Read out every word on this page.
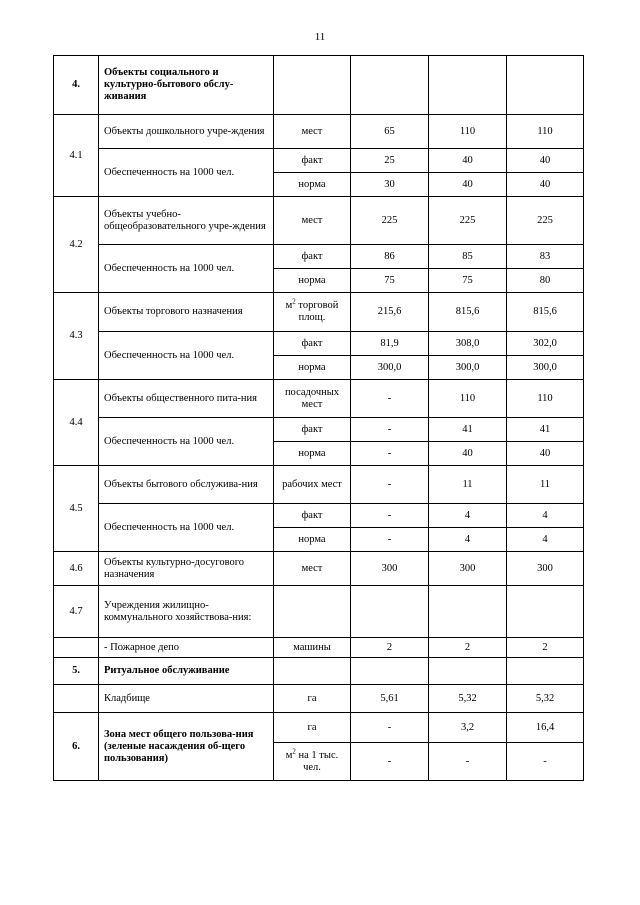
11
4.	Объекты социального и культурно-бытового обслу-живания				
4.1	Объекты дошкольного учре-ждения	мест	65	110	110
	Обеспеченность на 1000 чел.	факт	25	40	40
		норма	30	40	40
4.2	Объекты учебно-общеобразовательного учре-ждения	мест	225	225	225
	Обеспеченность на 1000 чел.	факт	86	85	83
		норма	75	75	80
4.3	Объекты торгового назначения	$м^2$ торговой площ.	215,6	815,6	815,6
	Обеспеченность на 1000 чел.	факт	81,9	308,0	302,0
		норма	300,0	300,0	300,0
4.4	Объекты общественного пита-ния	посадочных мест	-	110	110
	Обеспеченность на 1000 чел.	факт	-	41	41
		норма	-	40	40
4.5	Объекты бытового обслужива-ния	рабочих мест	-	11	11
	Обеспеченность на 1000 чел.	факт	-	4	4
		норма	-	4	4
4.6	Объекты культурно-досугового назначения	мест	300	300	300
4.7	Учреждения жилищно-коммунального хозяйствова-ния:				
	- Пожарное депо	машины	2	2	2
5.	Ритуальное обслуживание				
	Кладбище	га	5,61	5,32	5,32
6.	Зона мест общего пользова-ния (зеленые насаждения об-щего пользования)	га	-	3,2	16,4
		$м^2$ на 1 тыс. чел.	-	-	-
